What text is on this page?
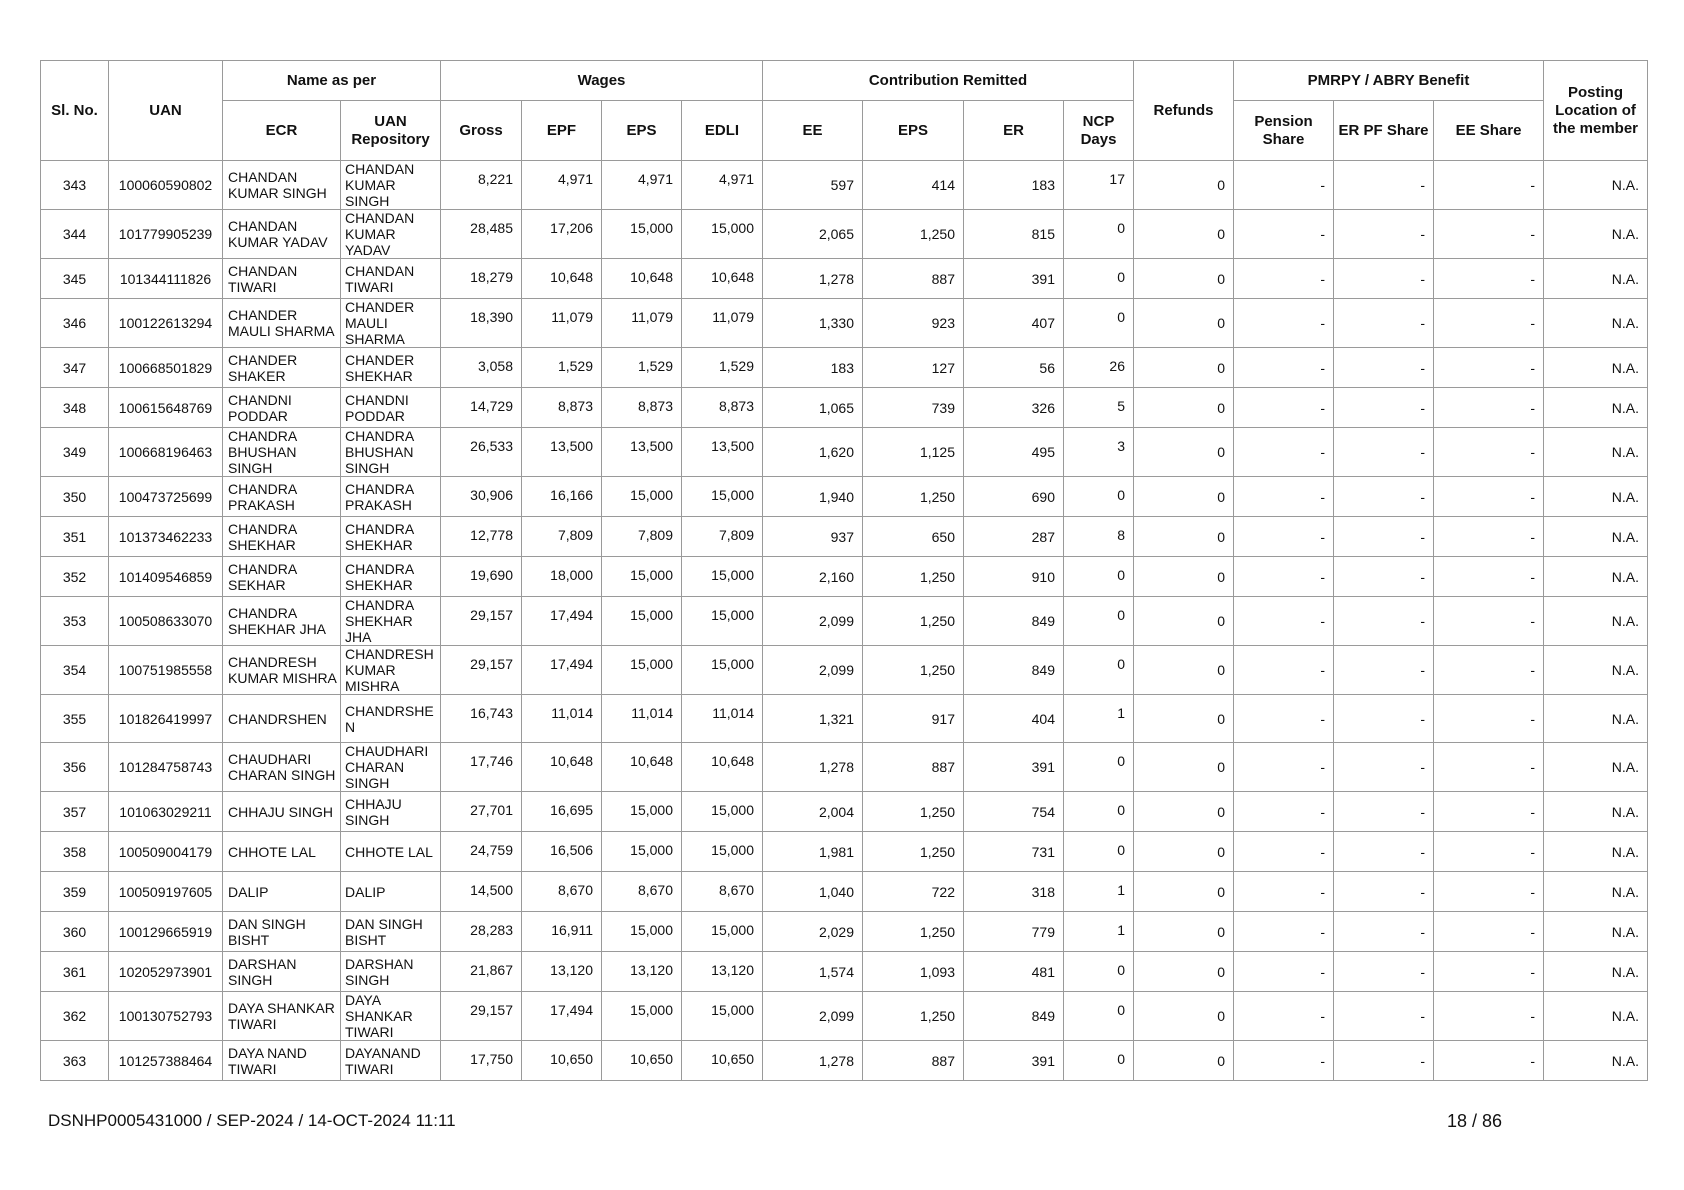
Sl. No.	UAN	Name as per		Wages				Contribution Remitted				Refunds	PMRPY / ABRY Benefit			Posting Location of the member
		ECR	UAN Repository	Gross	EPF	EPS	EDLI	EE	EPS	ER	NCP Days		Pension Share	ER PF Share	EE Share	
343	100060590802	CHANDAN KUMAR SINGH	CHANDAN KUMAR SINGH	8,221	4,971	4,971	4,971	597	414	183	17	0	-	-	-	N.A.
344	101779905239	CHANDAN KUMAR YADAV	CHANDAN KUMAR YADAV	28,485	17,206	15,000	15,000	2,065	1,250	815	0	0	-	-	-	N.A.
345	101344111826	CHANDAN TIWARI	CHANDAN TIWARI	18,279	10,648	10,648	10,648	1,278	887	391	0	0	-	-	-	N.A.
346	100122613294	CHANDER MAULI SHARMA	CHANDER MAULI SHARMA	18,390	11,079	11,079	11,079	1,330	923	407	0	0	-	-	-	N.A.
347	100668501829	CHANDER SHAKER	CHANDER SHEKHAR	3,058	1,529	1,529	1,529	183	127	56	26	0	-	-	-	N.A.
348	100615648769	CHANDNI PODDAR	CHANDNI PODDAR	14,729	8,873	8,873	8,873	1,065	739	326	5	0	-	-	-	N.A.
349	100668196463	CHANDRA BHUSHAN SINGH	CHANDRA BHUSHAN SINGH	26,533	13,500	13,500	13,500	1,620	1,125	495	3	0	-	-	-	N.A.
350	100473725699	CHANDRA PRAKASH	CHANDRA PRAKASH	30,906	16,166	15,000	15,000	1,940	1,250	690	0	0	-	-	-	N.A.
351	101373462233	CHANDRA SHEKHAR	CHANDRA SHEKHAR	12,778	7,809	7,809	7,809	937	650	287	8	0	-	-	-	N.A.
352	101409546859	CHANDRA SEKHAR	CHANDRA SHEKHAR	19,690	18,000	15,000	15,000	2,160	1,250	910	0	0	-	-	-	N.A.
353	100508633070	CHANDRA SHEKHAR JHA	CHANDRA SHEKHAR JHA	29,157	17,494	15,000	15,000	2,099	1,250	849	0	0	-	-	-	N.A.
354	100751985558	CHANDRESH KUMAR MISHRA	CHANDRESH KUMAR MISHRA	29,157	17,494	15,000	15,000	2,099	1,250	849	0	0	-	-	-	N.A.
355	101826419997	CHANDRSHEN	CHANDRSHE N	16,743	11,014	11,014	11,014	1,321	917	404	1	0	-	-	-	N.A.
356	101284758743	CHAUDHARI CHARAN SINGH	CHAUDHARI CHARAN SINGH	17,746	10,648	10,648	10,648	1,278	887	391	0	0	-	-	-	N.A.
357	101063029211	CHHAJU SINGH	CHHAJU SINGH	27,701	16,695	15,000	15,000	2,004	1,250	754	0	0	-	-	-	N.A.
358	100509004179	CHHOTE LAL	CHHOTE LAL	24,759	16,506	15,000	15,000	1,981	1,250	731	0	0	-	-	-	N.A.
359	100509197605	DALIP	DALIP	14,500	8,670	8,670	8,670	1,040	722	318	1	0	-	-	-	N.A.
360	100129665919	DAN SINGH BISHT	DAN SINGH BISHT	28,283	16,911	15,000	15,000	2,029	1,250	779	1	0	-	-	-	N.A.
361	102052973901	DARSHAN SINGH	DARSHAN SINGH	21,867	13,120	13,120	13,120	1,574	1,093	481	0	0	-	-	-	N.A.
362	100130752793	DAYA SHANKAR TIWARI	DAYA SHANKAR TIWARI	29,157	17,494	15,000	15,000	2,099	1,250	849	0	0	-	-	-	N.A.
363	101257388464	DAYA NAND TIWARI	DAYANAND TIWARI	17,750	10,650	10,650	10,650	1,278	887	391	0	0	-	-	-	N.A.
DSNHP0005431000 / SEP-2024 / 14-OCT-2024 11:11	18 / 86
